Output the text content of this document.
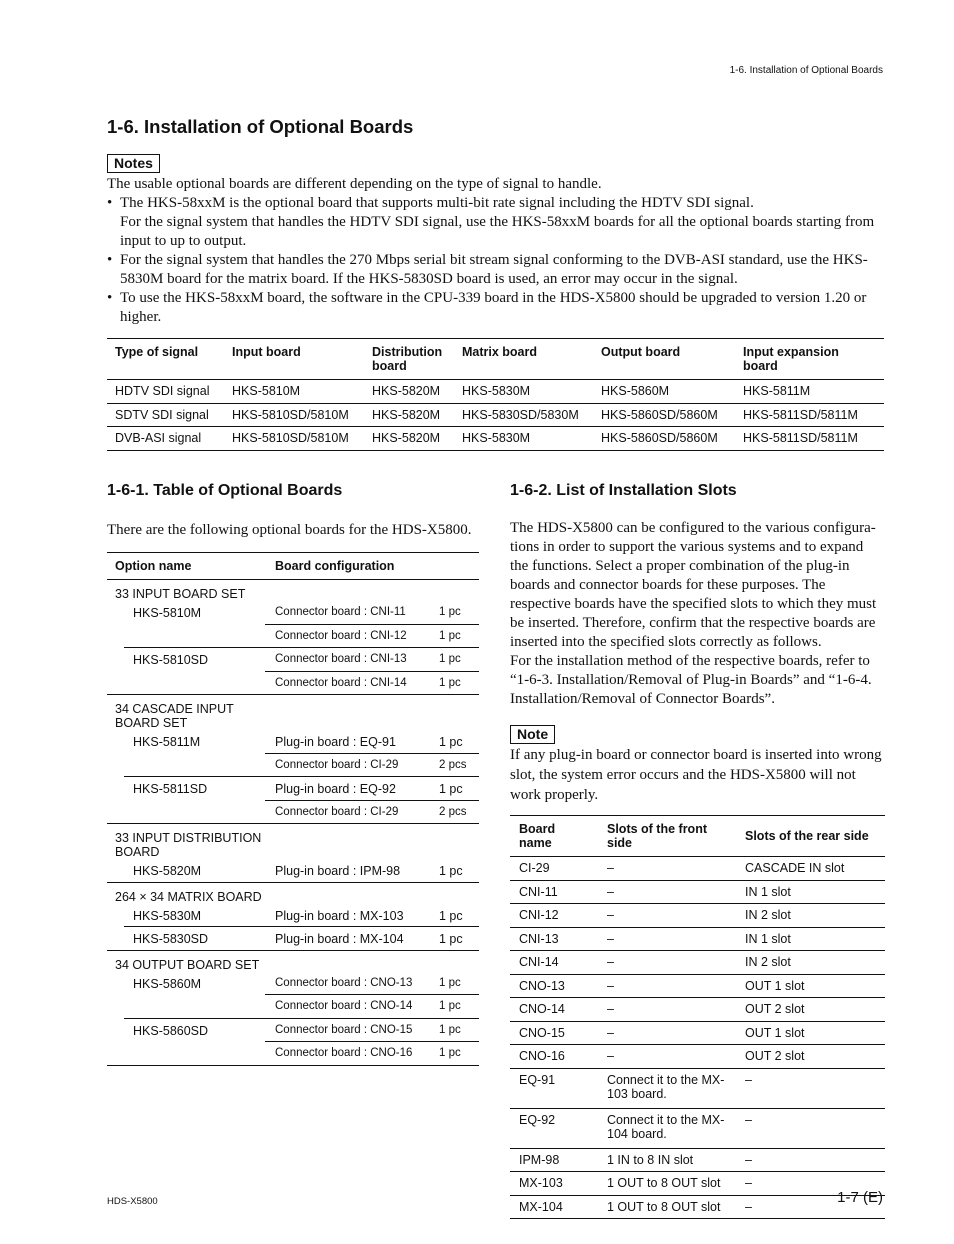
1-6. Installation of Optional Boards
1-6. Installation of Optional Boards
Notes

The usable optional boards are different depending on the type of signal to handle.

• The HKS-58xxM is the optional board that supports multi-bit rate signal including the HDTV SDI signal.

For the signal system that handles the HDTV SDI signal, use the HKS-58xxM boards for all the optional boards starting from input to up to output.

• For the signal system that handles the 270 Mbps serial bit stream signal conforming to the DVB-ASI standard, use the HKS-5830M board for the matrix board. If the HKS-5830SD board is used, an error may occur in the signal.

• To use the HKS-58xxM board, the software in the CPU-339 board in the HDS-X5800 should be upgraded to version 1.20 or higher.

Type of signal	Input board	Distribution board	Matrix board	Output board	Input expansion board
HDTV SDI signal	HKS-5810M	HKS-5820M	HKS-5830M	HKS-5860M	HKS-5811M
SDTV SDI signal	HKS-5810SD/5810M	HKS-5820M	HKS-5830SD/5830M	HKS-5860SD/5860M	HKS-5811SD/5811M
DVB-ASI signal	HKS-5810SD/5810M	HKS-5820M	HKS-5830M	HKS-5860SD/5860M	HKS-5811SD/5811M
1-6-1. Table of Optional Boards	1-6-2. List of Installation Slots

There are the following optional boards for the HDS-X5800.

Option name	Board configuration
33 INPUT BOARD SET
HKS-5810M	Connector board : CNI-11	1 pc
Connector board : CNI-12	1 pc
HKS-5810SD	Connector board : CNI-13	1 pc
Connector board : CNI-14	1 pc
34 CASCADE INPUT BOARD SET
HKS-5811M	Plug-in board : EQ-91	1 pc
Connector board : CI-29	2 pcs
HKS-5811SD	Plug-in board : EQ-92	1 pc
Connector board : CI-29	2 pcs
33 INPUT DISTRIBUTION BOARD
HKS-5820M	Plug-in board : IPM-98	1 pc
264 × 34 MATRIX BOARD
HKS-5830M	Plug-in board : MX-103	1 pc
HKS-5830SD	Plug-in board : MX-104	1 pc
34 OUTPUT BOARD SET
HKS-5860M	Connector board : CNO-13 1 pc
Connector board : CNO-14 1 pc
HKS-5860SD	Connector board : CNO-15 1 pc
Connector board : CNO-16 1 pc

The HDS-X5800 can be configured to the various configura-tions in order to support the various systems and to expand the functions. Select a proper combination of the plug-in boards and connector boards for these purposes. The respective boards have the specified slots to which they must be inserted. Therefore, confirm that the respective boards are inserted into the specified slots correctly as follows.

For the installation method of the respective boards, refer to “1-6-3. Installation/Removal of Plug-in Boards” and “1-6-4. Installation/Removal of Connector Boards”.

Note

If any plug-in board or connector board is inserted into wrong slot, the system error occurs and the HDS-X5800 will not work properly.

Board name	Slots of the front side	Slots of the rear side
CI-29	–	CASCADE IN slot
CNI-11	–	IN 1 slot
CNI-12	–	IN 2 slot
CNI-13	–	IN 1 slot
CNI-14	–	IN 2 slot
CNO-13	–	OUT 1 slot
CNO-14	–	OUT 2 slot
CNO-15	–	OUT 1 slot
CNO-16	–	OUT 2 slot
EQ-91	Connect it to the MX-103 board.	–
EQ-92	Connect it to the MX-104 board.	–
IPM-98	1 IN to 8 IN slot	–
MX-103	1 OUT to 8 OUT slot	–
MX-104	1 OUT to 8 OUT slot	–
HDS-X5800	1-7 (E)
